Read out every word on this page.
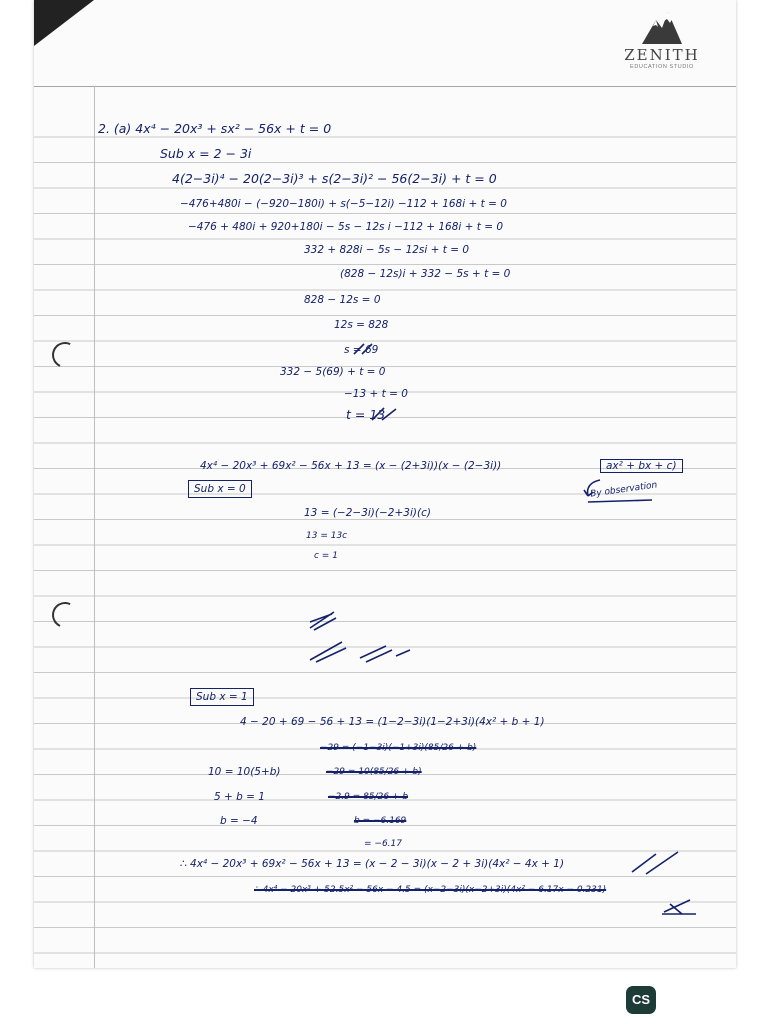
ZENITH
EDUCATION STUDIO
2. (a) 4x⁴ − 20x³ + sx² − 56x + t = 0
Sub x = 2 − 3i
4(2−3i)⁴ − 20(2−3i)³ + s(2−3i)² − 56(2−3i) + t = 0
−476+480i − (−920−180i) + s(−5−12i) −112 + 168i + t = 0
−476 + 480i + 920+180i − 5s − 12s i −112 + 168i + t = 0
332 + 828i − 5s − 12si + t = 0
(828 − 12s)i + 332 − 5s + t = 0
828 − 12s = 0
12s = 828
s = 69
332 − 5(69) + t = 0
−13 + t = 0
t = 13
4x⁴ − 20x³ + 69x² − 56x + 13 = (x − (2+3i))(x − (2−3i))	ax² + bx + c)
Sub x = 0	By observation
13 = (−2−3i)(−2+3i)(c)
13 = 13c
c = 1
Sub x = 1
4 − 20 + 69 − 56 + 13 = (1−2−3i)(1−2+3i)(4x² + b + 1)
−29 = (−1−3i)(−1+3i)(85/26 + b)
10 = 10(5+b)	−29 = 10(85/26 + b)
5 + b = 1	−2.9 = 85/26 + b
b = −4	b = −6.169
= −6.17
∴ 4x⁴ − 20x³ + 69x² − 56x + 13 = (x − 2 − 3i)(x − 2 + 3i)(4x² − 4x + 1)
∴ 4x⁴ − 20x³ + 52.5x² − 56x − 4.5 = (x−2−3i)(x−2+3i)(4x² − 6.17x − 0.231)
CS
